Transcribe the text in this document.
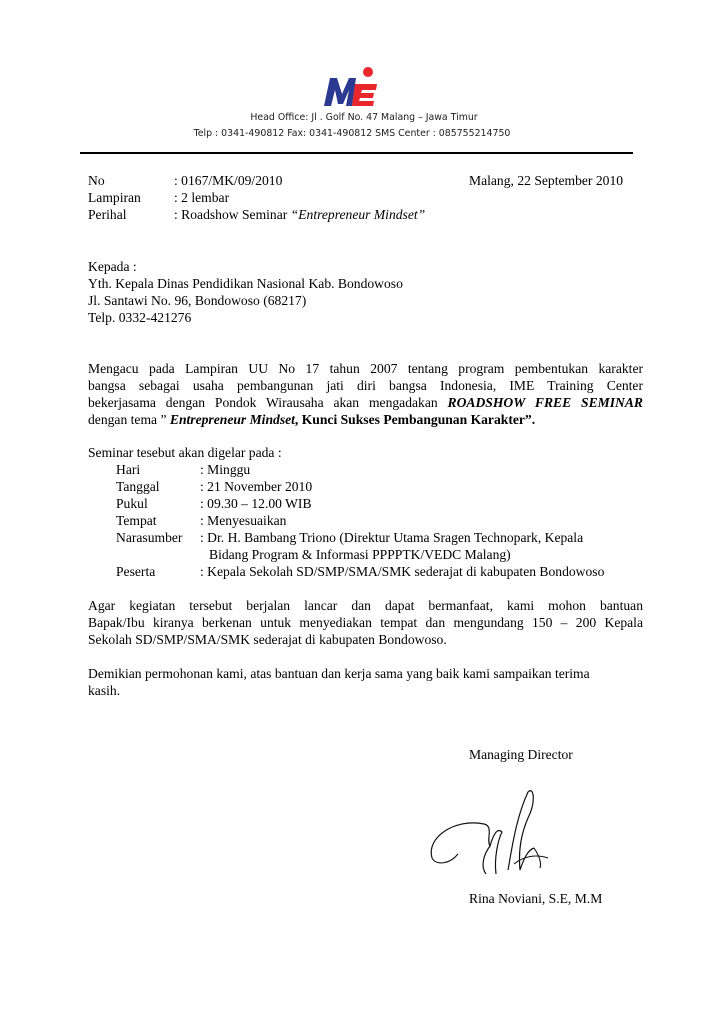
IME
Head Office: Jl . Golf No. 47 Malang – Jawa Timur
Telp : 0341-490812 Fax: 0341-490812 SMS Center : 085755214750
No	: 0167/MK/09/2010	Malang, 22 September 2010
Lampiran : 2 lembar
Perihal	: Roadshow Seminar “Entrepreneur Mindset”
Kepada :
Yth. Kepala Dinas Pendidikan Nasional Kab. Bondowoso
Jl. Santawi No. 96, Bondowoso (68217)
Telp. 0332-421276
Mengacu pada Lampiran UU No 17 tahun 2007 tentang program pembentukan karakter
bangsa sebagai usaha pembangunan jati diri bangsa Indonesia, IME Training Center
bekerjasama dengan Pondok Wirausaha akan mengadakan ROADSHOW FREE SEMINAR
dengan tema ” Entrepreneur Mindset, Kunci Sukses Pembangunan Karakter”.
Seminar tesebut akan digelar pada :
Hari	: Minggu
Tanggal	: 21 November 2010
Pukul	: 09.30 – 12.00 WIB
Tempat	: Menyesuaikan
Narasumber : Dr. H. Bambang Triono (Direktur Utama Sragen Technopark, Kepala
Bidang Program & Informasi PPPPTK/VEDC Malang)
Peserta	: Kepala Sekolah SD/SMP/SMA/SMK sederajat di kabupaten Bondowoso
Agar kegiatan tersebut berjalan lancar dan dapat bermanfaat, kami mohon bantuan
Bapak/Ibu kiranya berkenan untuk menyediakan tempat dan mengundang 150 – 200 Kepala
Sekolah SD/SMP/SMA/SMK sederajat di kabupaten Bondowoso.
Demikian permohonan kami, atas bantuan dan kerja sama yang baik kami sampaikan terima
kasih.
Managing Director
Rina Noviani, S.E, M.M
